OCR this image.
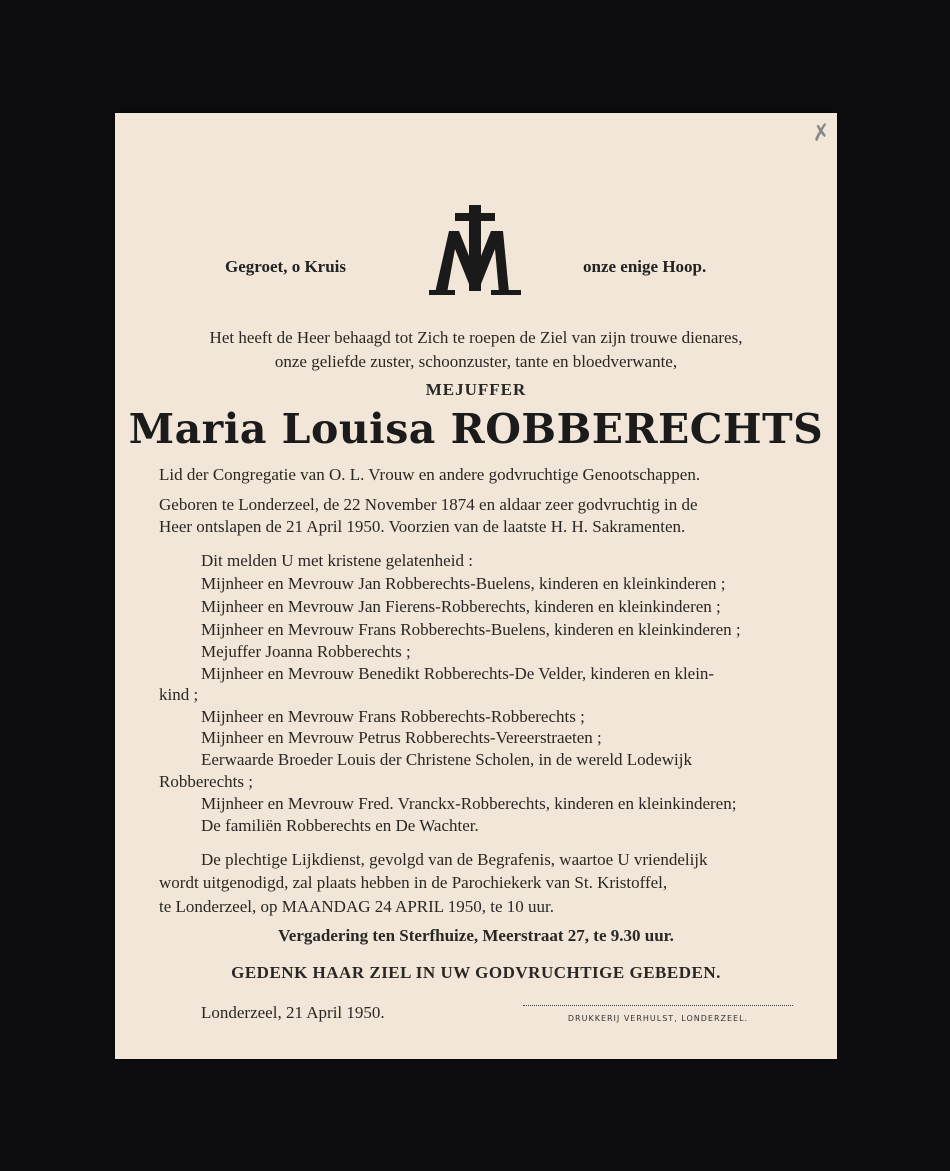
✗
Gegroet, o Kruis	onze enige Hoop.
Het heeft de Heer behaagd tot Zich te roepen de Ziel van zijn trouwe dienares,
onze geliefde zuster, schoonzuster, tante en bloedverwante,
MEJUFFER
Maria Louisa ROBBERECHTS
Lid der Congregatie van O. L. Vrouw en andere godvruchtige Genootschappen.
Geboren te Londerzeel, de 22 November 1874 en aldaar zeer godvruchtig in de
Heer ontslapen de 21 April 1950. Voorzien van de laatste H. H. Sakramenten.
Dit melden U met kristene gelatenheid :
Mijnheer en Mevrouw Jan Robberechts-Buelens, kinderen en kleinkinderen ;
Mijnheer en Mevrouw Jan Fierens-Robberechts, kinderen en kleinkinderen ;
Mijnheer en Mevrouw Frans Robberechts-Buelens, kinderen en kleinkinderen ;
Mejuffer Joanna Robberechts ;
Mijnheer en Mevrouw Benedikt Robberechts-De Velder, kinderen en klein-
kind ;
Mijnheer en Mevrouw Frans Robberechts-Robberechts ;
Mijnheer en Mevrouw Petrus Robberechts-Vereerstraeten ;
Eerwaarde Broeder Louis der Christene Scholen, in de wereld Lodewijk
Robberechts ;
Mijnheer en Mevrouw Fred. Vranckx-Robberechts, kinderen en kleinkinderen;
De familiën Robberechts en De Wachter.
De plechtige Lijkdienst, gevolgd van de Begrafenis, waartoe U vriendelijk
wordt uitgenodigd, zal plaats hebben in de Parochiekerk van St. Kristoffel,
te Londerzeel, op MAANDAG 24 APRIL 1950, te 10 uur.
Vergadering ten Sterfhuize, Meerstraat 27, te 9.30 uur.
GEDENK HAAR ZIEL IN UW GODVRUCHTIGE GEBEDEN.
Londerzeel, 21 April 1950.	DRUKKERIJ VERHULST, LONDERZEEL.
